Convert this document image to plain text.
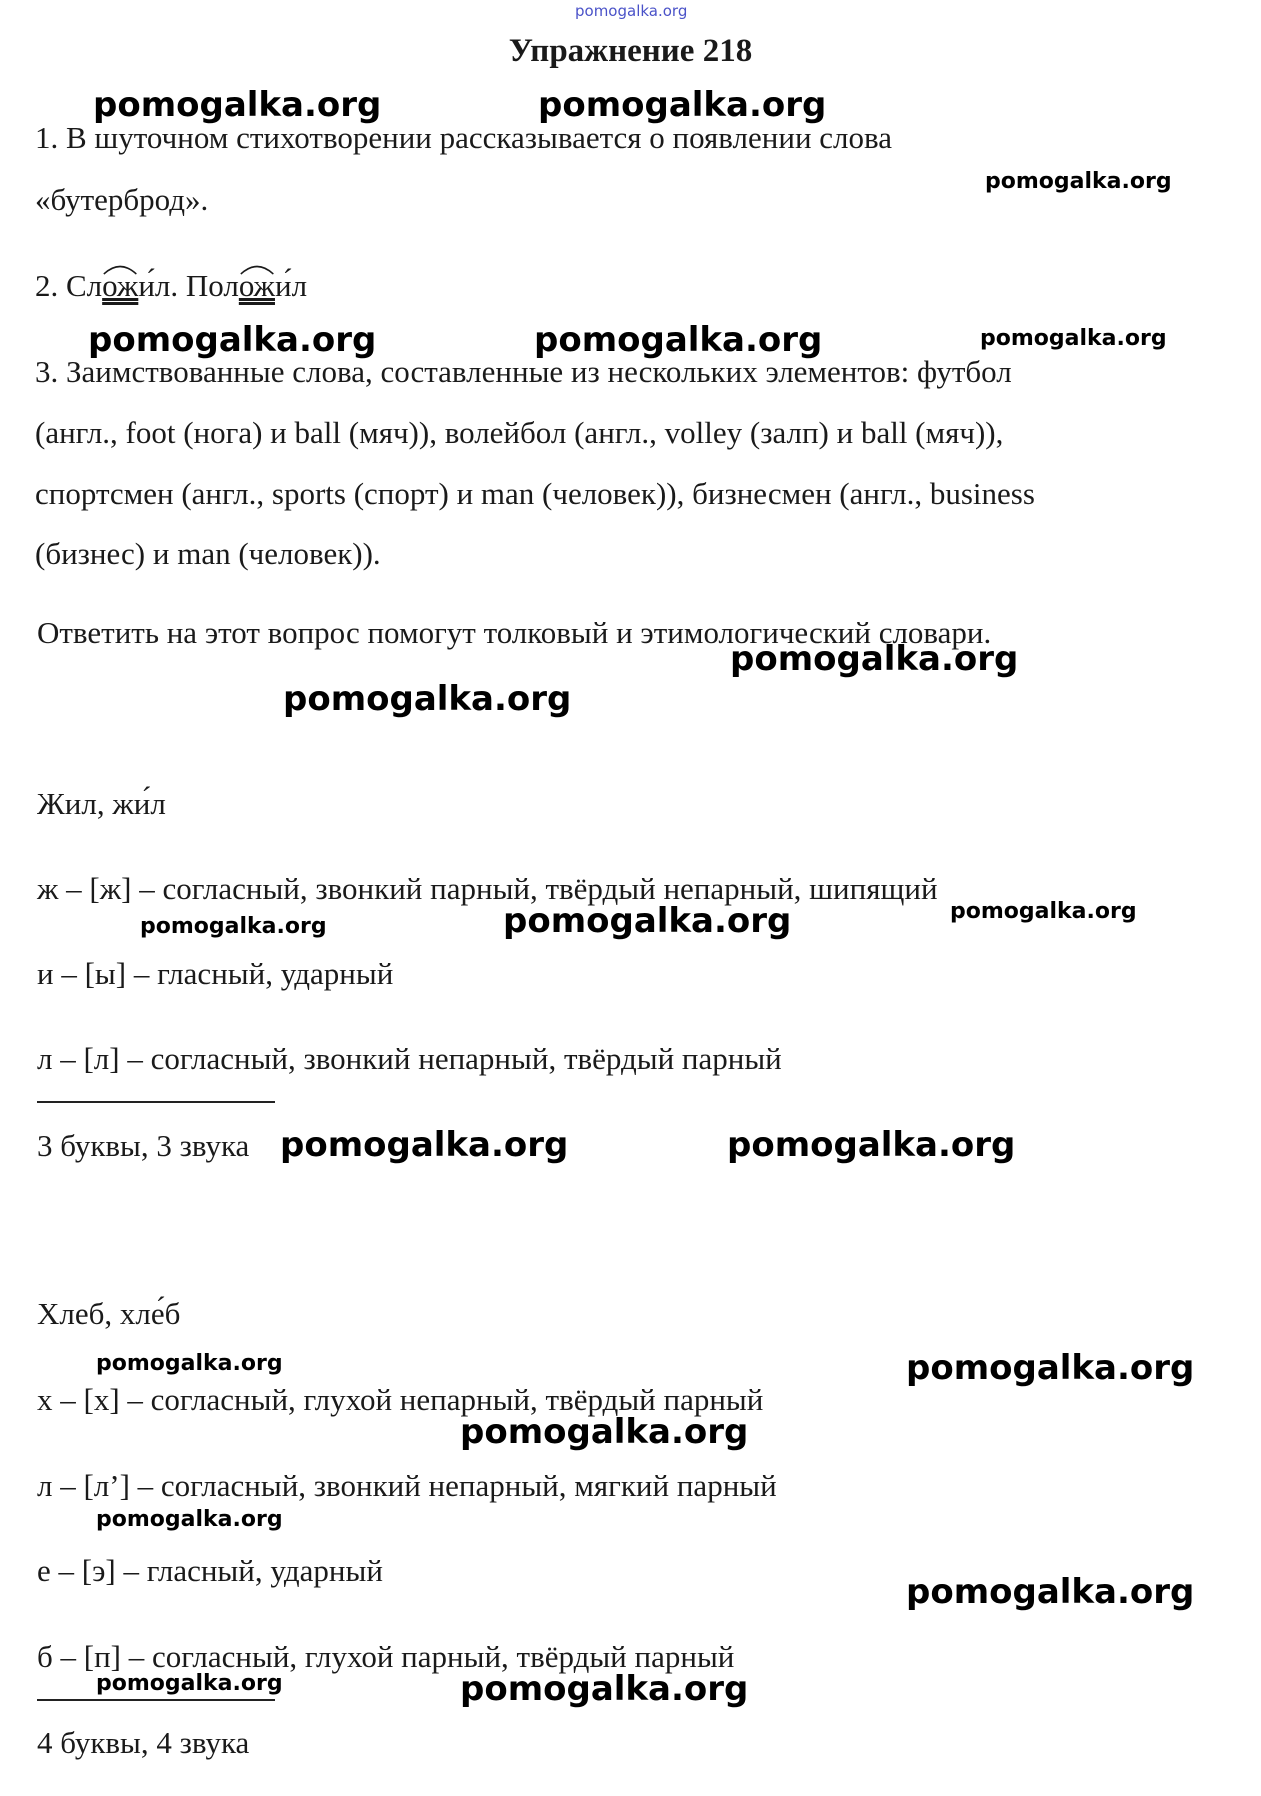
pomogalka.org
Упражнение 218
1. В шуточном стихотворении рассказывается о появлении слова
«бутерброд».
2. Сл
ожи́л. Пол
ожи́л
3. Заимствованные слова, составленные из нескольких элементов: футбол
(англ., foot (нога) и ball (мяч)), волейбол (англ., volley (залп) и ball (мяч)),
спортсмен (англ., sports (спорт) и man (человек)), бизнесмен (англ., business
(бизнес) и man (человек)).
Ответить на этот вопрос помогут толковый и этимологический словари.
Жил, жи́л
ж – [ж] – согласный, звонкий парный, твёрдый непарный, шипящий
и – [ы] – гласный, ударный
л – [л] – согласный, звонкий непарный, твёрдый парный
3 буквы, 3 звука
Хлеб, хле́б
х – [х] – согласный, глухой непарный, твёрдый парный
л – [л’] – согласный, звонкий непарный, мягкий парный
е – [э] – гласный, ударный
б – [п] – согласный, глухой парный, твёрдый парный
4 буквы, 4 звука
pomogalka.org	pomogalka.org
pomogalka.org
pomogalka.org	pomogalka.org	pomogalka.org
pomogalka.org
pomogalka.org
pomogalka.org	pomogalka.org	pomogalka.org
pomogalka.org	pomogalka.org
pomogalka.org	pomogalka.org
pomogalka.org
pomogalka.org
pomogalka.org
pomogalka.org	pomogalka.org
